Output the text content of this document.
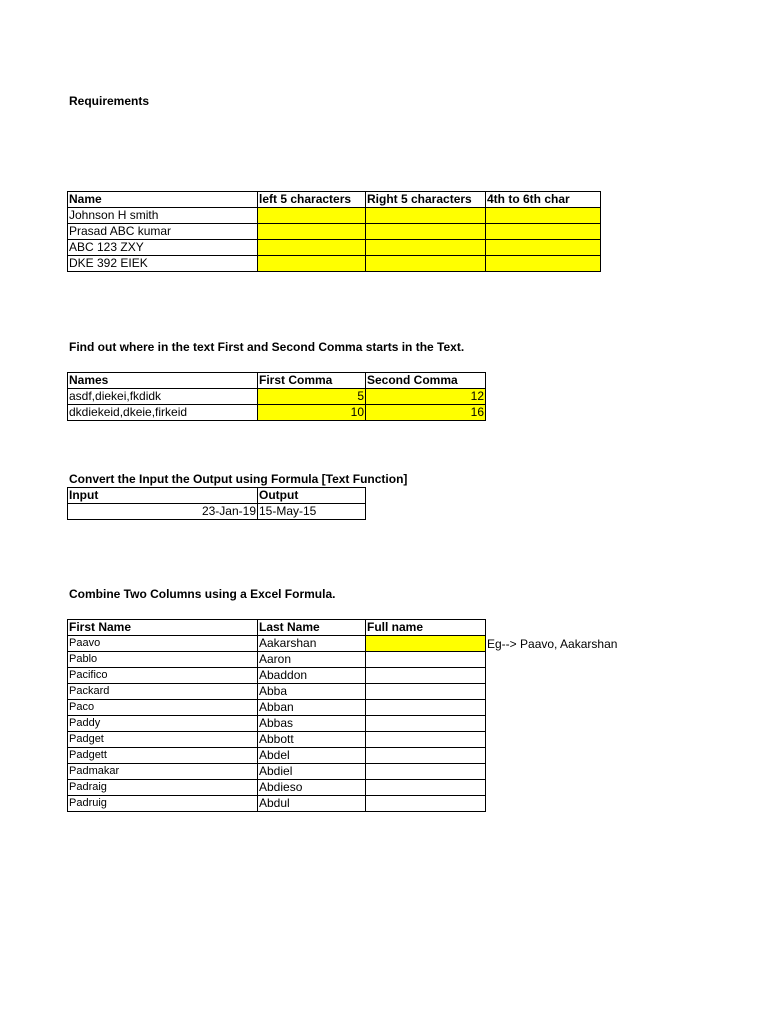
Requirements
Name	left 5 characters	Right 5 characters	4th to 6th char
Johnson H smith			
Prasad ABC kumar			
ABC 123 ZXY			
DKE 392 EIEK			
Find out where in the text First and Second Comma starts in the Text.
Names	First Comma	Second Comma
asdf,diekei,fkdidk	5	12
dkdiekeid,dkeie,firkeid	10	16
Convert the Input the Output using Formula [Text Function]
Input	Output
23-Jan-19	15-May-15
Combine Two Columns using a Excel Formula.
First Name	Last Name	Full name
Paavo	Aakarshan	
Pablo	Aaron	
Pacifico	Abaddon	
Packard	Abba	
Paco	Abban	
Paddy	Abbas	
Padget	Abbott	
Padgett	Abdel	
Padmakar	Abdiel	
Padraig	Abdieso	
Padruig	Abdul	
Eg--> Paavo, Aakarshan
